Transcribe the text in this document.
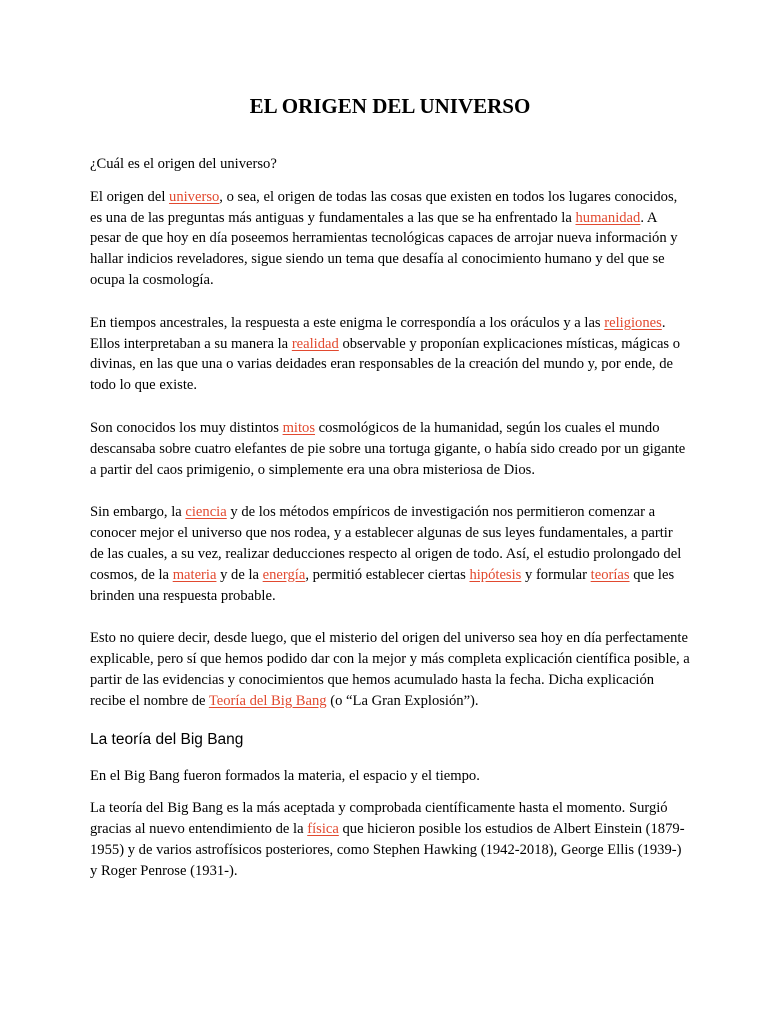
EL ORIGEN DEL UNIVERSO

¿Cuál es el origen del universo?

El origen del universo, o sea, el origen de todas las cosas que existen en todos los lugares conocidos, es una de las preguntas más antiguas y fundamentales a las que se ha enfrentado la humanidad. A pesar de que hoy en día poseemos herramientas tecnológicas capaces de arrojar nueva información y hallar indicios reveladores, sigue siendo un tema que desafía al conocimiento humano y del que se ocupa la cosmología.

En tiempos ancestrales, la respuesta a este enigma le correspondía a los oráculos y a las religiones. Ellos interpretaban a su manera la realidad observable y proponían explicaciones místicas, mágicas o divinas, en las que una o varias deidades eran responsables de la creación del mundo y, por ende, de todo lo que existe.

Son conocidos los muy distintos mitos cosmológicos de la humanidad, según los cuales el mundo descansaba sobre cuatro elefantes de pie sobre una tortuga gigante, o había sido creado por un gigante a partir del caos primigenio, o simplemente era una obra misteriosa de Dios.

Sin embargo, la ciencia y de los métodos empíricos de investigación nos permitieron comenzar a conocer mejor el universo que nos rodea, y a establecer algunas de sus leyes fundamentales, a partir de las cuales, a su vez, realizar deducciones respecto al origen de todo. Así, el estudio prolongado del cosmos, de la materia y de la energía, permitió establecer ciertas hipótesis y formular teorías que les brinden una respuesta probable.

Esto no quiere decir, desde luego, que el misterio del origen del universo sea hoy en día perfectamente explicable, pero sí que hemos podido dar con la mejor y más completa explicación científica posible, a partir de las evidencias y conocimientos que hemos acumulado hasta la fecha. Dicha explicación recibe el nombre de Teoría del Big Bang (o “La Gran Explosión”).

La teoría del Big Bang

En el Big Bang fueron formados la materia, el espacio y el tiempo.

La teoría del Big Bang es la más aceptada y comprobada científicamente hasta el momento. Surgió gracias al nuevo entendimiento de la física que hicieron posible los estudios de Albert Einstein (1879-1955) y de varios astrofísicos posteriores, como Stephen Hawking (1942-2018), George Ellis (1939-) y Roger Penrose (1931-).
